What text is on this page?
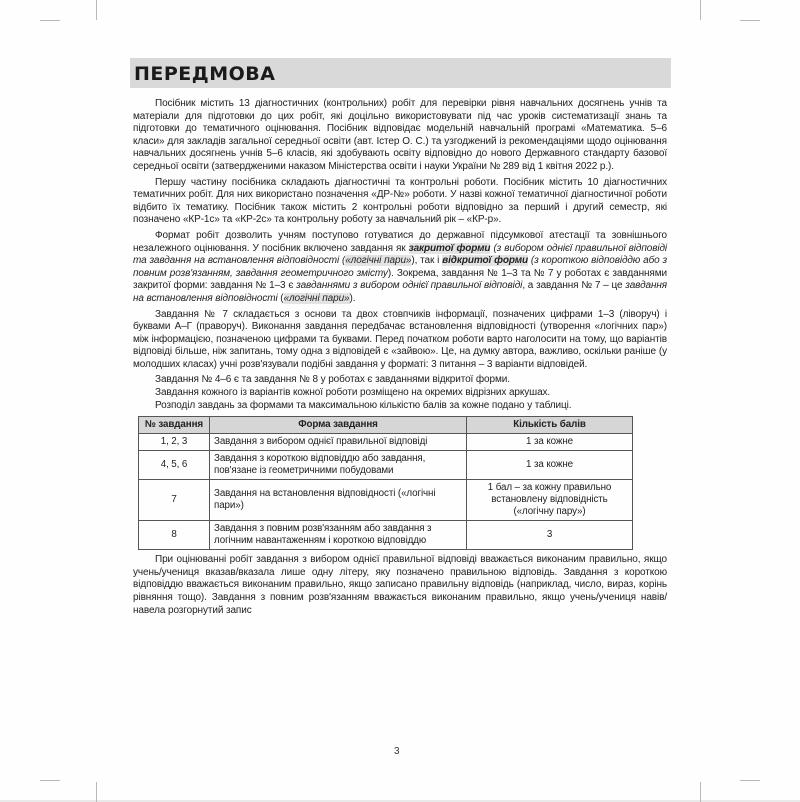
ПЕРЕДМОВА

Посібник містить 13 діагностичних (контрольних) робіт для перевірки рівня навчальних досягнень учнів та матеріали для підготовки до цих робіт, які доцільно використовувати під час уроків систематизації знань та підготовки до тематичного оцінювання. Посібник відповідає модельній навчальній програмі «Математика. 5–6 класи» для закладів загальної середньої освіти (авт. Істер О. С.) та узгоджений із рекомендаціями щодо оцінювання навчальних досягнень учнів 5–6 класів, які здобувають освіту відповідно до нового Державного стандарту базової середньої освіти (затвердженими наказом Міністерства освіти і науки України № 289 від 1 квітня 2022 р.).

Першу частину посібника складають діагностичні та контрольні роботи. Посібник містить 10 діагностичних тематичних робіт. Для них використано позначення «ДР-№» роботи. У назві кожної тематичної діагностичної роботи відбито їх тематику. Посібник також містить 2 контрольні роботи відповідно за перший і другий семестр, які позначено «КР-1с» та «КР-2с» та контрольну роботу за навчальний рік – «КР-р».

Формат робіт дозволить учням поступово готуватися до державної підсумкової атестації та зовнішнього незалежного оцінювання. У посібник включено завдання як закритої форми (з вибором однієї правильної відповіді та завдання на встановлення відповідності («логічні пари»), так і відкритої форми (з короткою відповіддю або з повним розв'язанням, завдання геометричного змісту). Зокрема, завдання № 1–3 та № 7 у роботах є завданнями закритої форми: завдання № 1–3 є завданнями з вибором однієї правильної відповіді, а завдання № 7 – це завдання на встановлення відповідності («логічні пари»).

Завдання № 7 складається з основи та двох стовпчиків інформації, позначених цифрами 1–3 (ліворуч) і буквами А–Г (праворуч). Виконання завдання передбачає встановлення відповідності (утворення «логічних пар») між інформацією, позначеною цифрами та буквами. Перед початком роботи варто наголосити на тому, що варіантів відповіді більше, ніж запитань, тому одна з відповідей є «зайвою». Це, на думку автора, важливо, оскільки раніше (у молодших класах) учні розв'язували подібні завдання у форматі: 3 питання – 3 варіанти відповідей.

Завдання № 4–6 є та завдання № 8 у роботах є завданнями відкритої форми.

Завдання кожного із варіантів кожної роботи розміщено на окремих відрізних аркушах.

Розподіл завдань за формами та максимальною кількістю балів за кожне подано у таблиці.

№ завдання	Форма завдання	Кількість балів
1, 2, 3	Завдання з вибором однієї правильної відповіді	1 за кожне
4, 5, 6	Завдання з короткою відповіддю або завдання, пов'язане із геометричними побудовами	1 за кожне
7	Завдання на встановлення відповідності («логічні пари»)	1 бал – за кожну правильно встановлену відповідність («логічну пару»)
8	Завдання з повним розв'язанням або завдання з логічним навантаженням і короткою відповіддю	3

При оцінюванні робіт завдання з вибором однієї правильної відповіді вважається виконаним правильно, якщо учень/учениця вказав/вказала лише одну літеру, яку позначено правильною відповідь. Завдання з короткою відповіддю вважається виконаним правильно, якщо записано правильну відповідь (наприклад, число, вираз, корінь рівняння тощо). Завдання з повним розв'язанням вважається виконаним правильно, якщо учень/учениця навів/навела розгорнутий запис

3
